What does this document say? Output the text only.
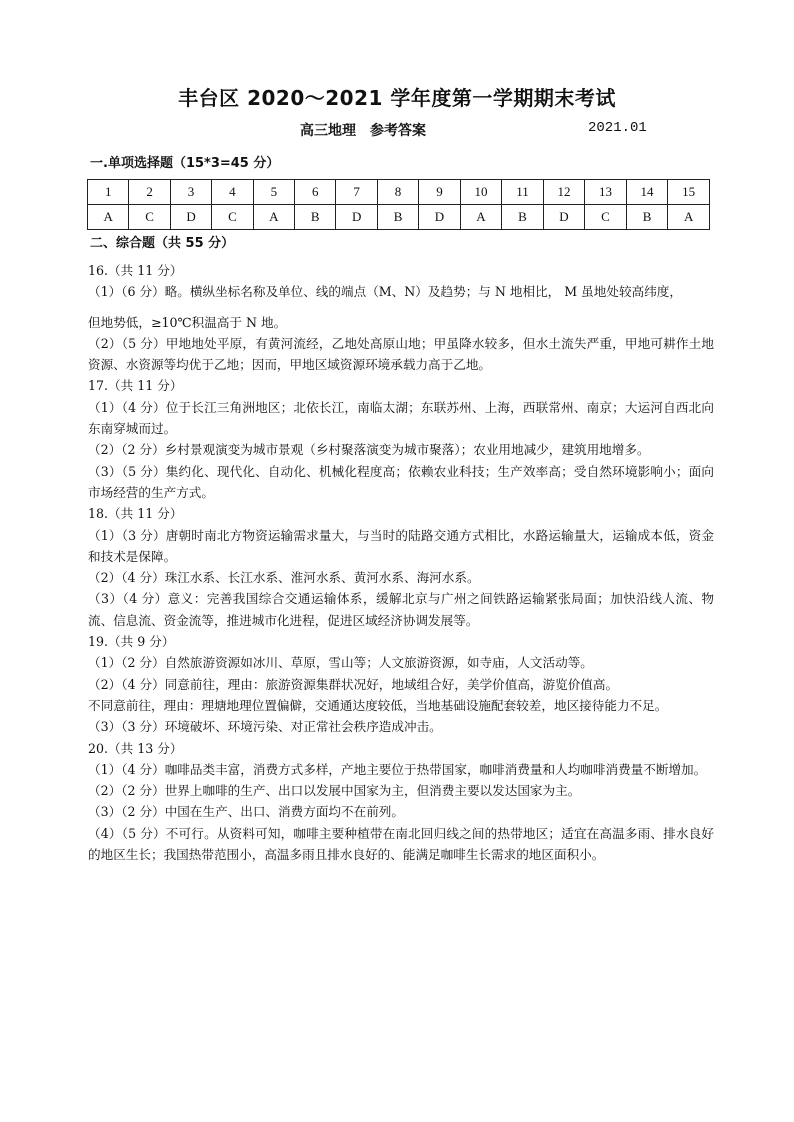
丰台区 2020～2021 学年度第一学期期末考试
高三地理　参考答案	2021.01
一.单项选择题（15*3=45 分）
1	2	3	4	5	6	7	8	9	10	11	12	13	14	15
A	C	D	C	A	B	D	B	D	A	B	D	C	B	A
二、综合题（共 55 分）

16.（共 11 分）

（1）（6 分）略。横纵坐标名称及单位、线的端点（M、N）及趋势；与 N 地相比， M 虽地处较高纬度，

但地势低，≥10℃积温高于 N 地。

（2）（5 分）甲地地处平原，有黄河流经，乙地处高原山地；甲虽降水较多，但水土流失严重，甲地可耕作土地资源、水资源等均优于乙地；因而，甲地区域资源环境承载力高于乙地。

17.（共 11 分）

（1）（4 分）位于长江三角洲地区；北依长江，南临太湖；东联苏州、上海，西联常州、南京；大运河自西北向东南穿城而过。

（2）（2 分）乡村景观演变为城市景观（乡村聚落演变为城市聚落）；农业用地减少，建筑用地增多。

（3）（5 分）集约化、现代化、自动化、机械化程度高；依赖农业科技；生产效率高；受自然环境影响小；面向市场经营的生产方式。

18.（共 11 分）

（1）（3 分）唐朝时南北方物资运输需求量大，与当时的陆路交通方式相比，水路运输量大，运输成本低，资金和技术是保障。

（2）（4 分）珠江水系、长江水系、淮河水系、黄河水系、海河水系。

（3）（4 分）意义：完善我国综合交通运输体系，缓解北京与广州之间铁路运输紧张局面；加快沿线人流、物流、信息流、资金流等，推进城市化进程，促进区域经济协调发展等。

19.（共 9 分）

（1）（2 分）自然旅游资源如冰川、草原，雪山等；人文旅游资源，如寺庙，人文活动等。

（2）（4 分）同意前往，理由：旅游资源集群状况好，地域组合好，美学价值高，游览价值高。

不同意前往，理由：理塘地理位置偏僻，交通通达度较低，当地基础设施配套较差，地区接待能力不足。

（3）（3 分）环境破坏、环境污染、对正常社会秩序造成冲击。

20.（共 13 分）

（1）（4 分）咖啡品类丰富，消费方式多样，产地主要位于热带国家，咖啡消费量和人均咖啡消费量不断增加。

（2）（2 分）世界上咖啡的生产、出口以发展中国家为主，但消费主要以发达国家为主。

（3）（2 分）中国在生产、出口、消费方面均不在前列。

（4）（5 分）不可行。从资料可知，咖啡主要种植带在南北回归线之间的热带地区；适宜在高温多雨、排水良好的地区生长；我国热带范围小，高温多雨且排水良好的、能满足咖啡生长需求的地区面积小。
